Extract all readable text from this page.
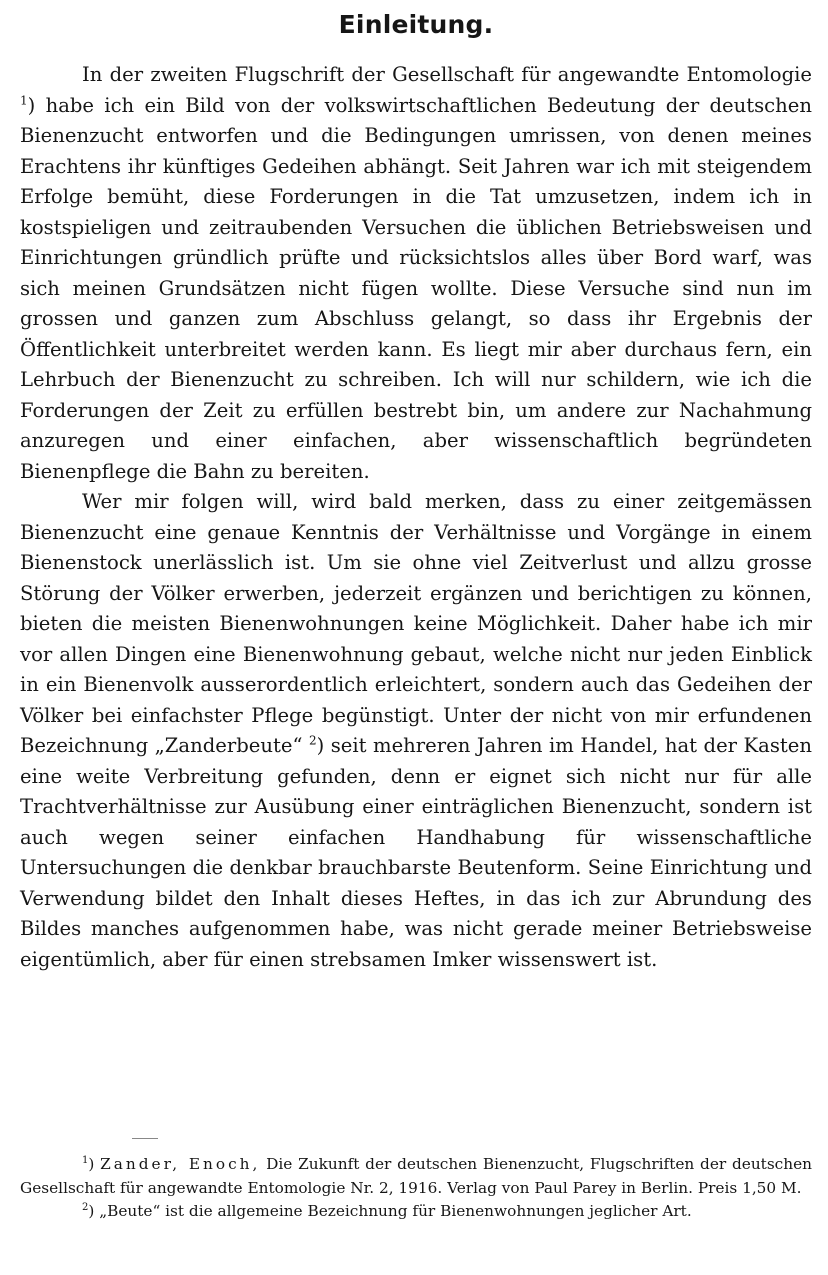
Einleitung.

In der zweiten Flugschrift der Gesellschaft für angewandte Entomologie $^1$) habe ich ein Bild von der volkswirtschaftlichen Bedeutung der deutschen Bienenzucht entworfen und die Bedingungen umrissen, von denen meines Erachtens ihr künftiges Gedeihen abhängt. Seit Jahren war ich mit steigendem Erfolge bemüht, diese Forderungen in die Tat umzusetzen, indem ich in kostspieligen und zeitraubenden Versuchen die üblichen Betriebsweisen und Einrichtungen gründlich prüfte und rücksichtslos alles über Bord warf, was sich meinen Grundsätzen nicht fügen wollte. Diese Versuche sind nun im grossen und ganzen zum Abschluss gelangt, so dass ihr Ergebnis der Öffentlichkeit unterbreitet werden kann. Es liegt mir aber durchaus fern, ein Lehrbuch der Bienenzucht zu schreiben. Ich will nur schildern, wie ich die Forderungen der Zeit zu erfüllen bestrebt bin, um andere zur Nachahmung anzuregen und einer einfachen, aber wissenschaftlich begründeten Bienenpflege die Bahn zu bereiten.

Wer mir folgen will, wird bald merken, dass zu einer zeitgemässen Bienenzucht eine genaue Kenntnis der Verhältnisse und Vorgänge in einem Bienenstock unerlässlich ist. Um sie ohne viel Zeitverlust und allzu grosse Störung der Völker erwerben, jederzeit ergänzen und berichtigen zu können, bieten die meisten Bienenwohnungen keine Möglichkeit. Daher habe ich mir vor allen Dingen eine Bienenwohnung gebaut, welche nicht nur jeden Einblick in ein Bienenvolk ausserordentlich erleichtert, sondern auch das Gedeihen der Völker bei einfachster Pflege begünstigt. Unter der nicht von mir erfundenen Bezeichnung „Zanderbeute“ $^2$) seit mehreren Jahren im Handel, hat der Kasten eine weite Verbreitung gefunden, denn er eignet sich nicht nur für alle Trachtverhältnisse zur Ausübung einer einträglichen Bienenzucht, sondern ist auch wegen seiner einfachen Handhabung für wissenschaftliche Untersuchungen die denkbar brauchbarste Beutenform. Seine Einrichtung und Verwendung bildet den Inhalt dieses Heftes, in das ich zur Abrundung des Bildes manches aufgenommen habe, was nicht gerade meiner Betriebsweise eigentümlich, aber für einen strebsamen Imker wissenswert ist.

$^1$) Zander, Enoch, Die Zukunft der deutschen Bienenzucht, Flugschriften der deutschen Gesellschaft für angewandte Entomologie Nr. 2, 1916. Verlag von Paul Parey in Berlin. Preis 1,50 M.

$^2$) „Beute“ ist die allgemeine Bezeichnung für Bienenwohnungen jeglicher Art.
